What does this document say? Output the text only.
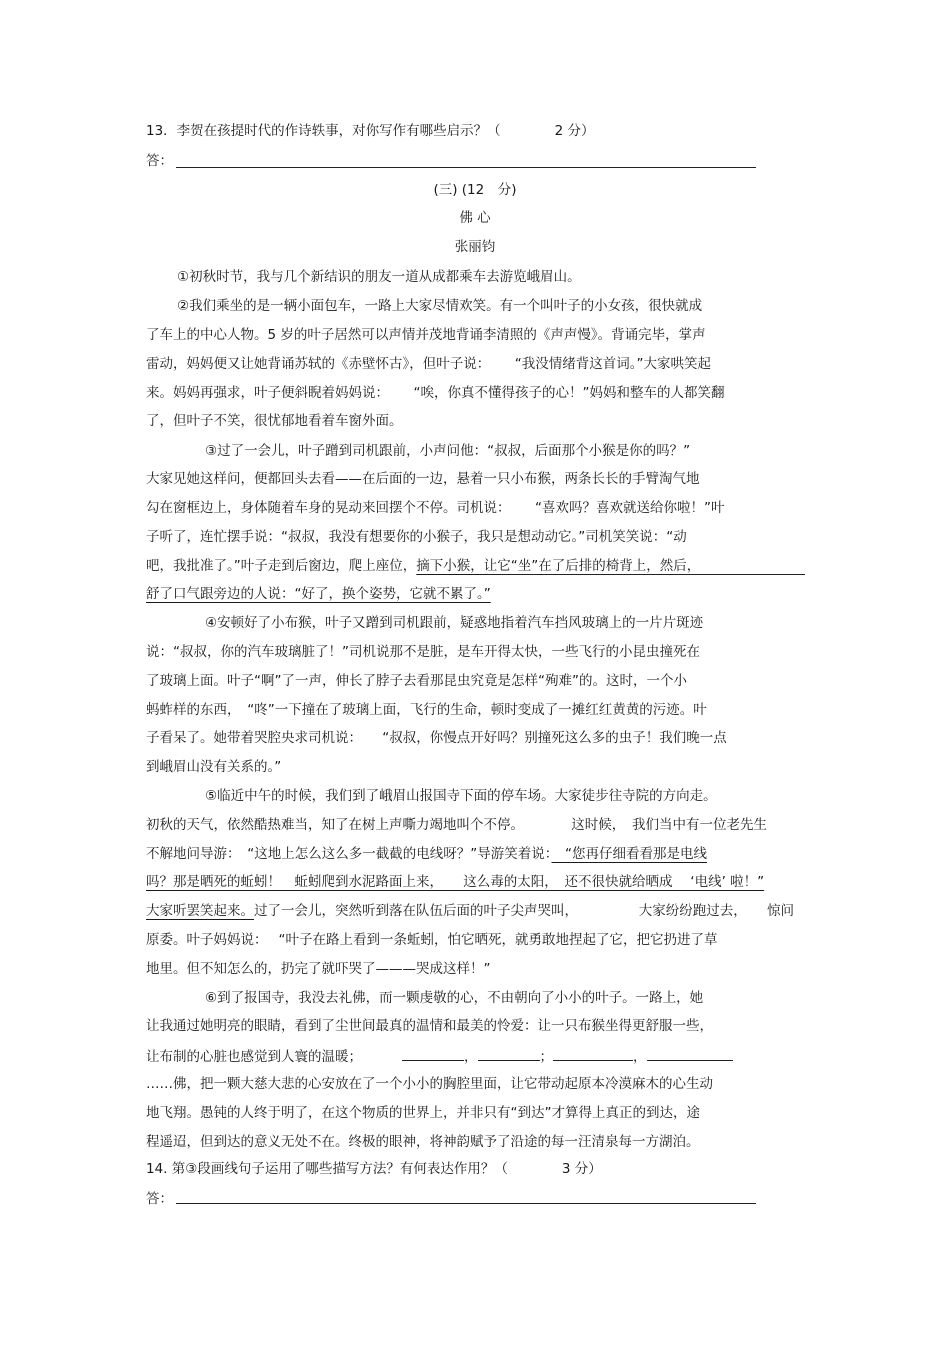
13．李贺在孩提时代的作诗轶事，对你写作有哪些启示？（　　　　2 分）
答：
(三) (12　分)
佛 心
张丽钧
①初秋时节，我与几个新结识的朋友一道从成都乘车去游览峨眉山。
②我们乘坐的是一辆小面包车，一路上大家尽情欢笑。有一个叫叶子的小女孩，很快就成
了车上的中心人物。5 岁的叶子居然可以声情并茂地背诵李清照的《声声慢》。背诵完毕，掌声
雷动，妈妈便又让她背诵苏轼的《赤壁怀古》，但叶子说：　　 “我没情绪背这首词。”大家哄笑起
来。妈妈再强求，叶子便斜睨着妈妈说：　　 “唉，你真不懂得孩子的心！”妈妈和整车的人都笑翻
了，但叶子不笑，很忧郁地看着车窗外面。
③过了一会儿，叶子蹭到司机跟前，小声问他：“叔叔，后面那个小猴是你的吗？”
大家见她这样问，便都回头去看——在后面的一边，悬着一只小布猴，两条长长的手臂淘气地
勾在窗框边上，身体随着车身的晃动来回摆个不停。司机说：　　 “喜欢吗？喜欢就送给你啦！”叶
子听了，连忙摆手说：“叔叔，我没有想要你的小猴子，我只是想动动它。”司机笑笑说：“动
吧，我批准了。”叶子走到后窗边，爬上座位，摘下小猴，让它“坐”在了后排的椅背上，然后，
舒了口气跟旁边的人说：“好了，换个姿势，它就不累了。”
④安顿好了小布猴，叶子又蹭到司机跟前，疑惑地指着汽车挡风玻璃上的一片片斑迹
说：“叔叔，你的汽车玻璃脏了！”司机说那不是脏，是车开得太快，一些飞行的小昆虫撞死在
了玻璃上面。叶子“啊”了一声，伸长了脖子去看那昆虫究竟是怎样“殉难”的。这时，一个小
蚂蚱样的东西，　“咚”一下撞在了玻璃上面，飞行的生命，顿时变成了一摊红红黄黄的污迹。叶
子看呆了。她带着哭腔央求司机说：　　“叔叔，你慢点开好吗？别撞死这么多的虫子！我们晚一点
到峨眉山没有关系的。”
⑤临近中午的时候，我们到了峨眉山报国寺下面的停车场。大家徒步往寺院的方向走。
初秋的天气，依然酷热难当，知了在树上声嘶力竭地叫个不停。　　　　这时候，　我们当中有一位老先生
不解地问导游：　“这地上怎么这么多一截截的电线呀？”导游笑着说：　“您再仔细看看那是电线
吗？那是晒死的蚯蚓！　蚯蚓爬到水泥路面上来，　　这么毒的太阳，　还不很快就给晒成　 ‘电线’ 啦！”
大家听罢笑起来。过了一会儿，突然听到落在队伍后面的叶子尖声哭叫，　　　　　大家纷纷跑过去，　　惊问
原委。叶子妈妈说：　 “叶子在路上看到一条蚯蚓，怕它晒死，就勇敢地捏起了它，把它扔进了草
地里。但不知怎么的，扔完了就吓哭了———哭成这样！”
⑥到了报国寺，我没去礼佛，而一颗虔敬的心，不由朝向了小小的叶子。一路上，她
让我通过她明亮的眼睛，看到了尘世间最真的温情和最美的怜爱：让一只布猴坐得更舒服一些，
让布制的心脏也感觉到人寰的温暖；	，	；	，
……佛，把一颗大慈大悲的心安放在了一个小小的胸腔里面，让它带动起原本冷漠麻木的心生动
地飞翔。愚钝的人终于明了，在这个物质的世界上，并非只有“到达”才算得上真正的到达，途
程遥迢，但到达的意义无处不在。终极的眼神，将神韵赋予了沿途的每一汪清泉每一方湖泊。
14. 第③段画线句子运用了哪些描写方法？有何表达作用？（　　　　3 分）
答：
